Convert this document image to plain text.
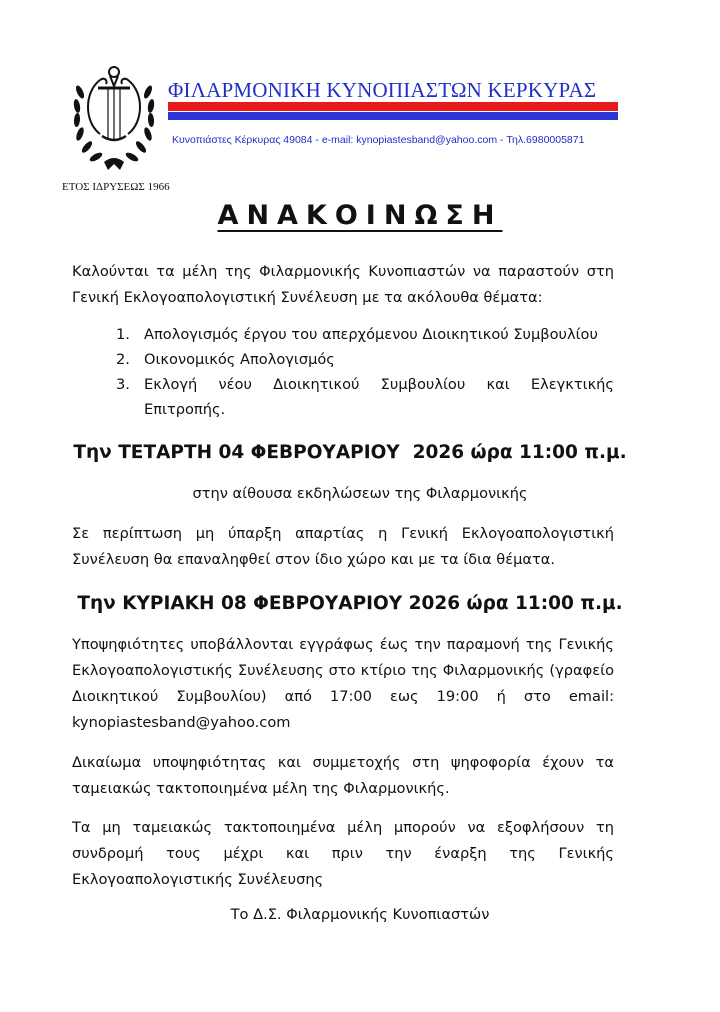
ΦΙΛΑΡΜΟΝΙΚΗ ΚΥΝΟΠΙΑΣΤΩΝ ΚΕΡΚΥΡΑΣ
Κυνοπιάστες Κέρκυρας 49084 - e-mail: kynopiastesband@yahoo.com - Τηλ.6980005871
ΕΤΟΣ ΙΔΡΥΣΕΩΣ 1966
ΑΝΑΚΟΙΝΩΣΗ
Καλούνται τα μέλη της Φιλαρμονικής Κυνοπιαστών να παραστούν στη Γενική Εκλογοαπολογιστική Συνέλευση με τα ακόλουθα θέματα:
1. Απολογισμός έργου του απερχόμενου Διοικητικού Συμβουλίου
2. Οικονομικός Απολογισμός
3. Εκλογή νέου Διοικητικού Συμβουλίου και Ελεγκτικής
Επιτροπής.
Την ΤΕΤΑΡΤΗ 04 ΦΕΒΡΟΥΑΡΙΟΥ  2026 ώρα 11:00 π.μ.
στην αίθουσα εκδηλώσεων της Φιλαρμονικής
Σε περίπτωση μη ύπαρξη απαρτίας η Γενική Εκλογοαπολογιστική Συνέλευση θα επαναληφθεί στον ίδιο χώρο και με τα ίδια θέματα.
Την ΚΥΡΙΑΚΗ 08 ΦΕΒΡΟΥΑΡΙΟΥ 2026 ώρα 11:00 π.μ.
Υποψηφιότητες υποβάλλονται εγγράφως έως την παραμονή της Γενικής Εκλογοαπολογιστικής Συνέλευσης στο κτίριο της Φιλαρμονικής (γραφείο Διοικητικού Συμβουλίου) από 17:00 εως 19:00 ή στο email: kynopiastesband@yahoo.com
Δικαίωμα υποψηφιότητας και συμμετοχής στη ψηφοφορία έχουν τα ταμειακώς τακτοποιημένα μέλη της Φιλαρμονικής.
Τα μη ταμειακώς τακτοποιημένα μέλη μπορούν να εξοφλήσουν τη συνδρομή τους μέχρι και πριν την έναρξη της Γενικής Εκλογοαπολογιστικής Συνέλευσης
Το Δ.Σ. Φιλαρμονικής Κυνοπιαστών
